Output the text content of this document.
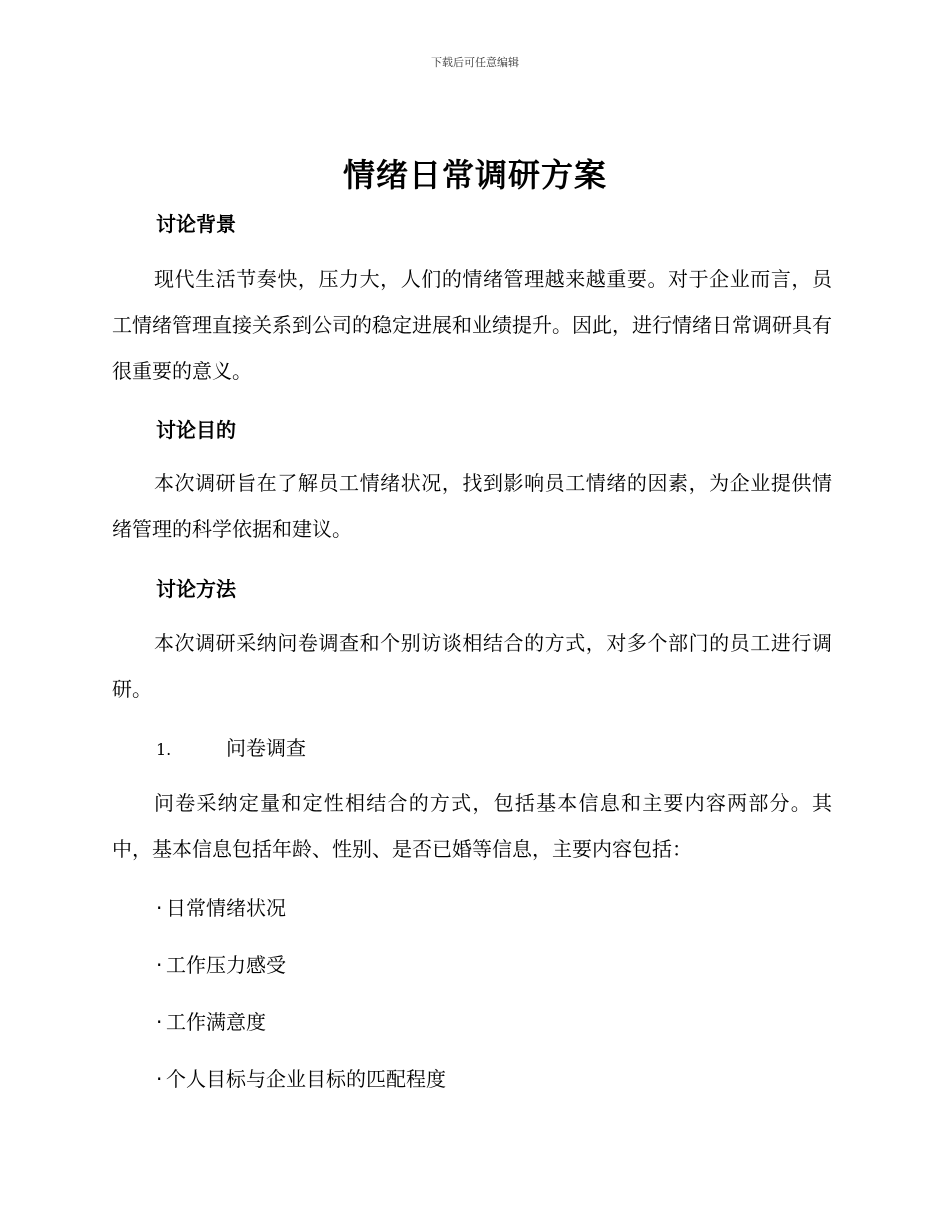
下载后可任意编辑
情绪日常调研方案
讨论背景
现代生活节奏快，压力大，人们的情绪管理越来越重要。对于企业而言，员工情绪管理直接关系到公司的稳定进展和业绩提升。因此，进行情绪日常调研具有很重要的意义。
讨论目的
本次调研旨在了解员工情绪状况，找到影响员工情绪的因素，为企业提供情绪管理的科学依据和建议。
讨论方法
本次调研采纳问卷调查和个别访谈相结合的方式，对多个部门的员工进行调研。
1.	问卷调查
问卷采纳定量和定性相结合的方式，包括基本信息和主要内容两部分。其中，基本信息包括年龄、性别、是否已婚等信息，主要内容包括：
· 日常情绪状况
· 工作压力感受
· 工作满意度
· 个人目标与企业目标的匹配程度
